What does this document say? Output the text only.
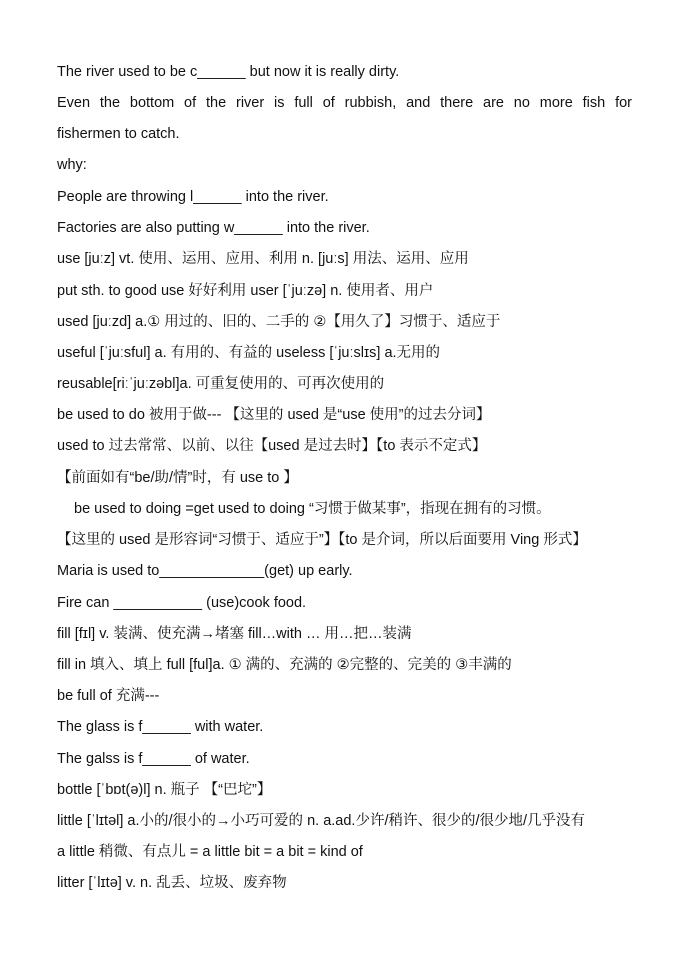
The river used to be c______ but now it is really dirty.
Even the bottom of the river is full of rubbish, and there are no more fish for
fishermen to catch.
why:
People are throwing l______ into the river.
Factories are also putting w______ into the river.
use [juːz] vt. 使用、运用、应用、利用 n. [juːs] 用法、运用、应用
put sth. to good use 好好利用 user [ˈjuːzə] n. 使用者、用户
used [juːzd] a.① 用过的、旧的、二手的 ②【用久了】习惯于、适应于
useful [ˈjuːsful] a. 有用的、有益的 useless [ˈjuːslɪs] a.无用的
reusable[riːˈjuːzəbl]a. 可重复使用的、可再次使用的
be used to do 被用于做--- 【这里的 used 是“use 使用”的过去分词】
used to 过去常常、以前、以往【used 是过去时】【to 表示不定式】
【前面如有“be/助/情”时，有 use to 】
be used to doing =get used to doing “习惯于做某事”，指现在拥有的习惯。
【这里的 used 是形容词“习惯于、适应于”】【to 是介词，所以后面要用 Ving 形式】
Maria is used to_____________(get) up early.
Fire can ___________ (use)cook food.
fill [fɪl] v. 装满、使充满→堵塞 fill…with … 用…把…装满
fill in 填入、填上 full [ful]a. ① 满的、充满的 ②完整的、完美的 ③丰满的
be full of 充满---
The glass is f______ with water.
The galss is f______ of water.
bottle [ˈbɒt(ə)l] n. 瓶子 【“巴坨”】
little [ˈlɪtəl] a.小的/很小的→小巧可爱的 n. a.ad.少许/稍许、很少的/很少地/几乎没有
a little 稍微、有点儿 = a little bit = a bit = kind of
litter [ˈlɪtə] v. n. 乱丢、垃圾、废弃物
